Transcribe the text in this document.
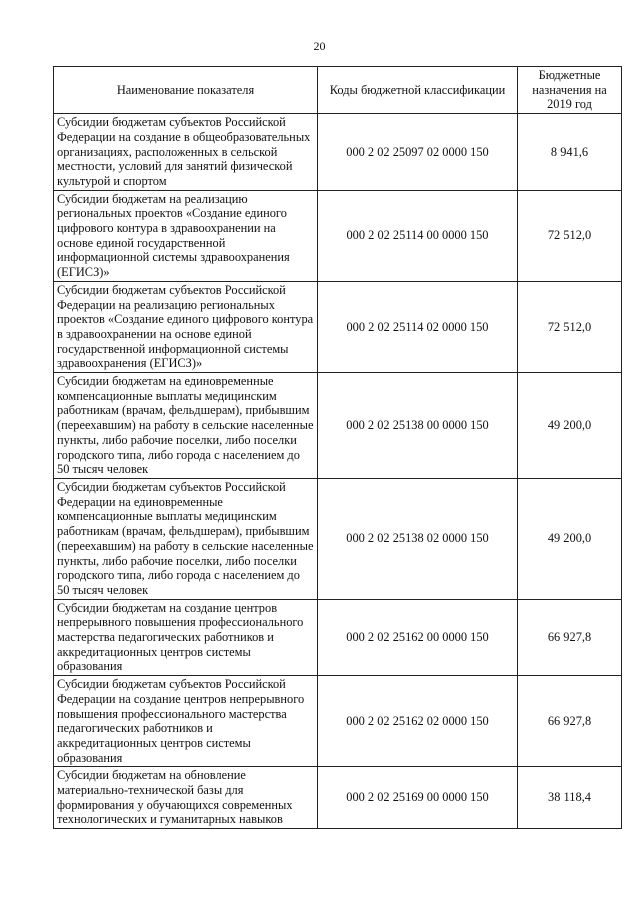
20
Наименование показателя	Коды бюджетной классификации	Бюджетные назначения на 2019 год
Субсидии бюджетам субъектов Российской Федерации на создание в общеобразовательных организациях, расположенных в сельской местности, условий для занятий физической культурой и спортом	000 2 02 25097 02 0000 150	8 941,6
Субсидии бюджетам на реализацию региональных проектов «Создание единого цифрового контура в здравоохранении на основе единой государственной информационной системы здравоохранения (ЕГИСЗ)»	000 2 02 25114 00 0000 150	72 512,0
Субсидии бюджетам субъектов Российской Федерации на реализацию региональных проектов «Создание единого цифрового контура в здравоохранении на основе единой государственной информационной системы здравоохранения (ЕГИСЗ)»	000 2 02 25114 02 0000 150	72 512,0
Субсидии бюджетам на единовременные компенсационные выплаты медицинским работникам (врачам, фельдшерам), прибывшим (переехавшим) на работу в сельские населенные пункты, либо рабочие поселки, либо поселки городского типа, либо города с населением до 50 тысяч человек	000 2 02 25138 00 0000 150	49 200,0
Субсидии бюджетам субъектов Российской Федерации на единовременные компенсационные выплаты медицинским работникам (врачам, фельдшерам), прибывшим (переехавшим) на работу в сельские населенные пункты, либо рабочие поселки, либо поселки городского типа, либо города с населением до 50 тысяч человек	000 2 02 25138 02 0000 150	49 200,0
Субсидии бюджетам на создание центров непрерывного повышения профессионального мастерства педагогических работников и аккредитационных центров системы образования	000 2 02 25162 00 0000 150	66 927,8
Субсидии бюджетам субъектов Российской Федерации на создание центров непрерывного повышения профессионального мастерства педагогических работников и аккредитационных центров системы образования	000 2 02 25162 02 0000 150	66 927,8
Субсидии бюджетам на обновление материально-технической базы для формирования у обучающихся современных технологических и гуманитарных навыков	000 2 02 25169 00 0000 150	38 118,4
